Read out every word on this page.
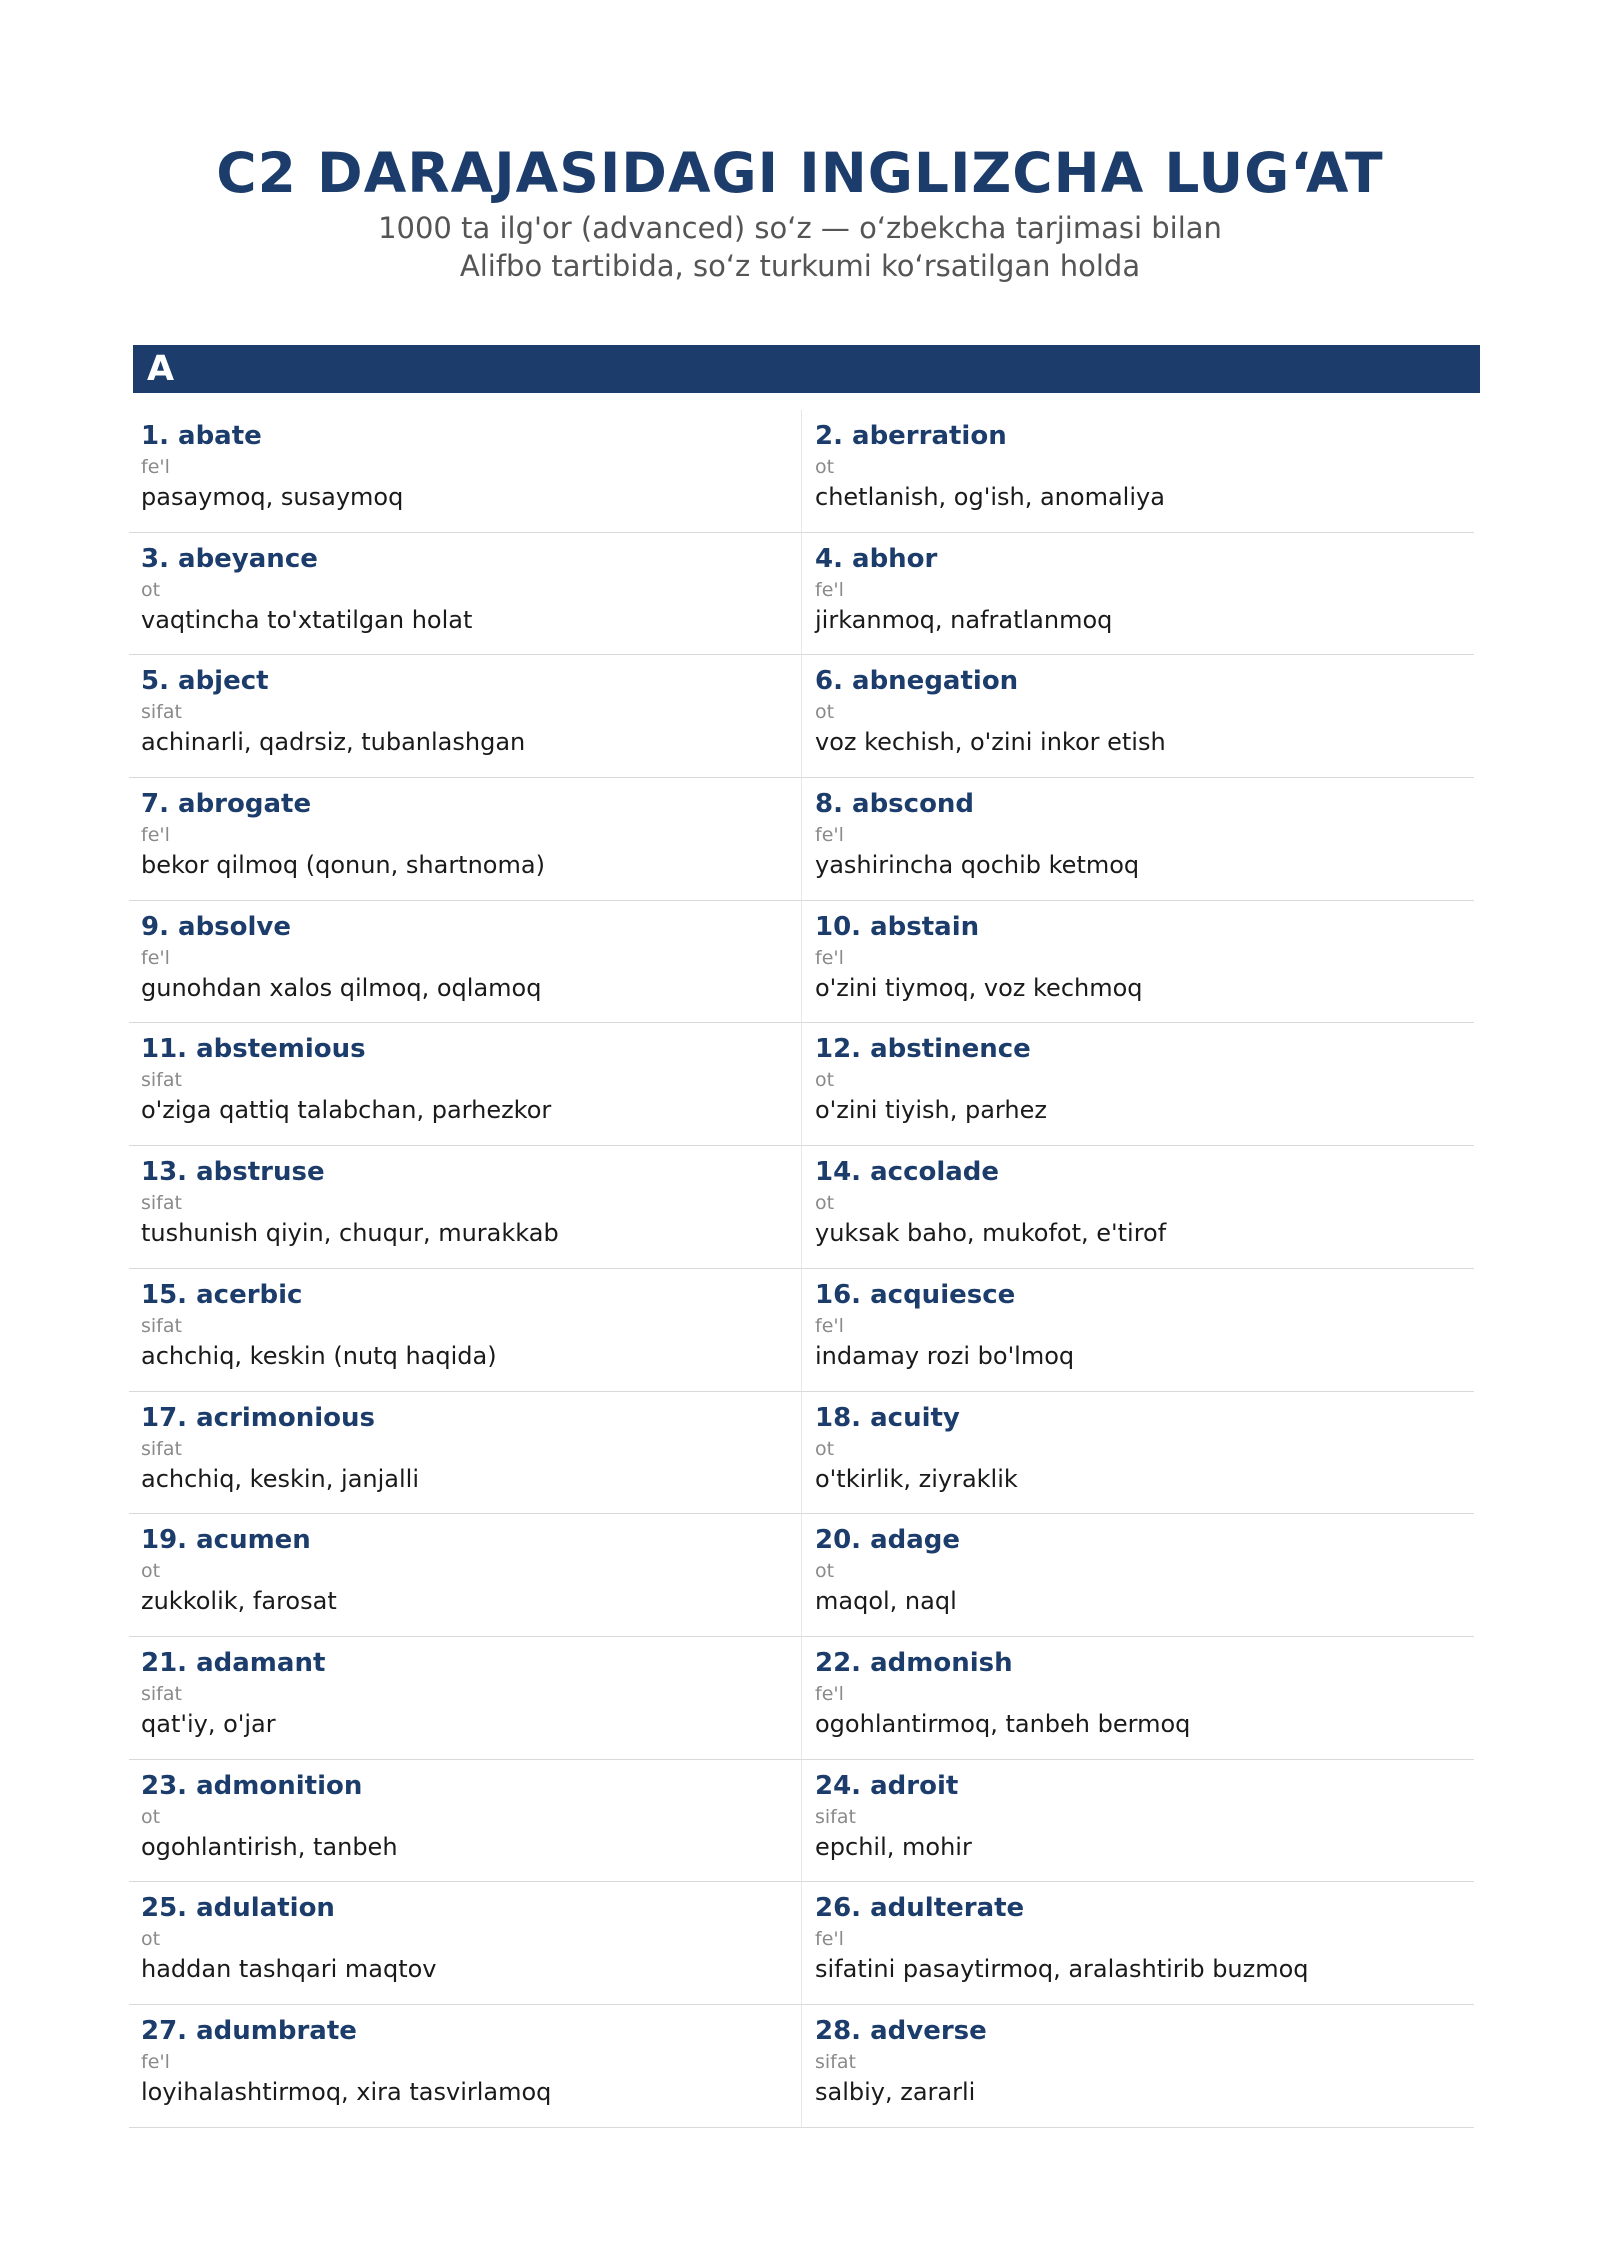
C2 DARAJASIDAGI INGLIZCHA LUG‘AT
1000 ta ilg'or (advanced) so‘z — o‘zbekcha tarjimasi bilan
Alifbo tartibida, so‘z turkumi ko‘rsatilgan holda
A
1. abate
fe'l
pasaymoq, susaymoq
2. aberration
ot
chetlanish, og'ish, anomaliya
3. abeyance
ot
vaqtincha to'xtatilgan holat
4. abhor
fe'l
jirkanmoq, nafratlanmoq
5. abject
sifat
achinarli, qadrsiz, tubanlashgan
6. abnegation
ot
voz kechish, o'zini inkor etish
7. abrogate
fe'l
bekor qilmoq (qonun, shartnoma)
8. abscond
fe'l
yashirincha qochib ketmoq
9. absolve
fe'l
gunohdan xalos qilmoq, oqlamoq
10. abstain
fe'l
o'zini tiymoq, voz kechmoq
11. abstemious
sifat
o'ziga qattiq talabchan, parhezkor
12. abstinence
ot
o'zini tiyish, parhez
13. abstruse
sifat
tushunish qiyin, chuqur, murakkab
14. accolade
ot
yuksak baho, mukofot, e'tirof
15. acerbic
sifat
achchiq, keskin (nutq haqida)
16. acquiesce
fe'l
indamay rozi bo'lmoq
17. acrimonious
sifat
achchiq, keskin, janjalli
18. acuity
ot
o'tkirlik, ziyraklik
19. acumen
ot
zukkolik, farosat
20. adage
ot
maqol, naql
21. adamant
sifat
qat'iy, o'jar
22. admonish
fe'l
ogohlantirmoq, tanbeh bermoq
23. admonition
ot
ogohlantirish, tanbeh
24. adroit
sifat
epchil, mohir
25. adulation
ot
haddan tashqari maqtov
26. adulterate
fe'l
sifatini pasaytirmoq, aralashtirib buzmoq
27. adumbrate
fe'l
loyihalashtirmoq, xira tasvirlamoq
28. adverse
sifat
salbiy, zararli
